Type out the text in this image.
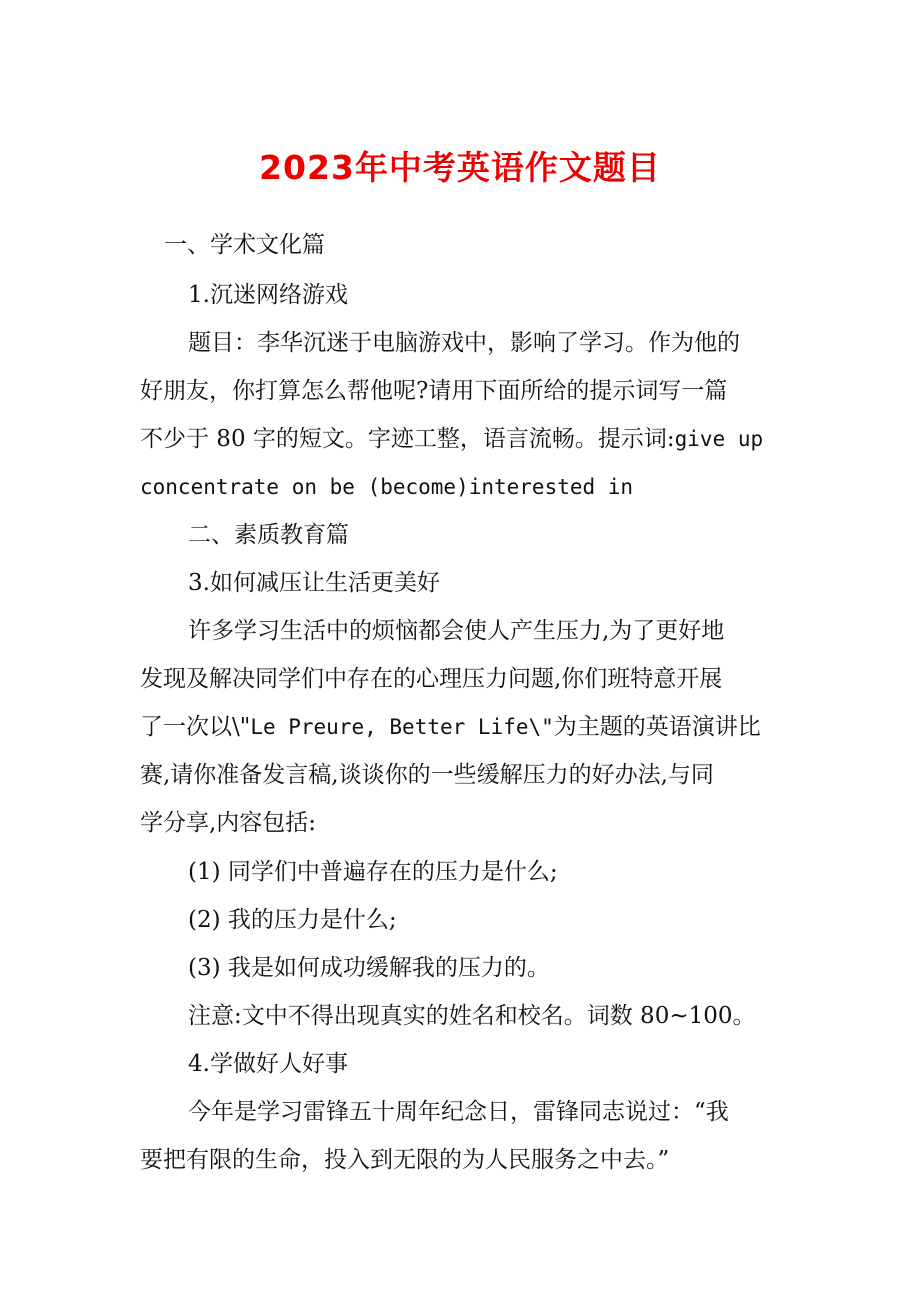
2023年中考英语作文题目
一、学术文化篇
1.沉迷网络游戏
题目：李华沉迷于电脑游戏中，影响了学习。作为他的
好朋友，你打算怎么帮他呢?请用下面所给的提示词写一篇
不少于 80 字的短文。字迹工整，语言流畅。提示词:give up
concentrate on be (become)interested in
二、素质教育篇
3.如何减压让生活更美好
许多学习生活中的烦恼都会使人产生压力,为了更好地
发现及解决同学们中存在的心理压力问题,你们班特意开展
了一次以\"Le Preure, Better Life\"为主题的英语演讲比
赛,请你准备发言稿,谈谈你的一些缓解压力的好办法,与同
学分享,内容包括:
(1) 同学们中普遍存在的压力是什么;
(2) 我的压力是什么;
(3) 我是如何成功缓解我的压力的。
注意:文中不得出现真实的姓名和校名。词数 80~100。
4.学做好人好事
今年是学习雷锋五十周年纪念日，雷锋同志说过：“我
要把有限的生命，投入到无限的为人民服务之中去。”
